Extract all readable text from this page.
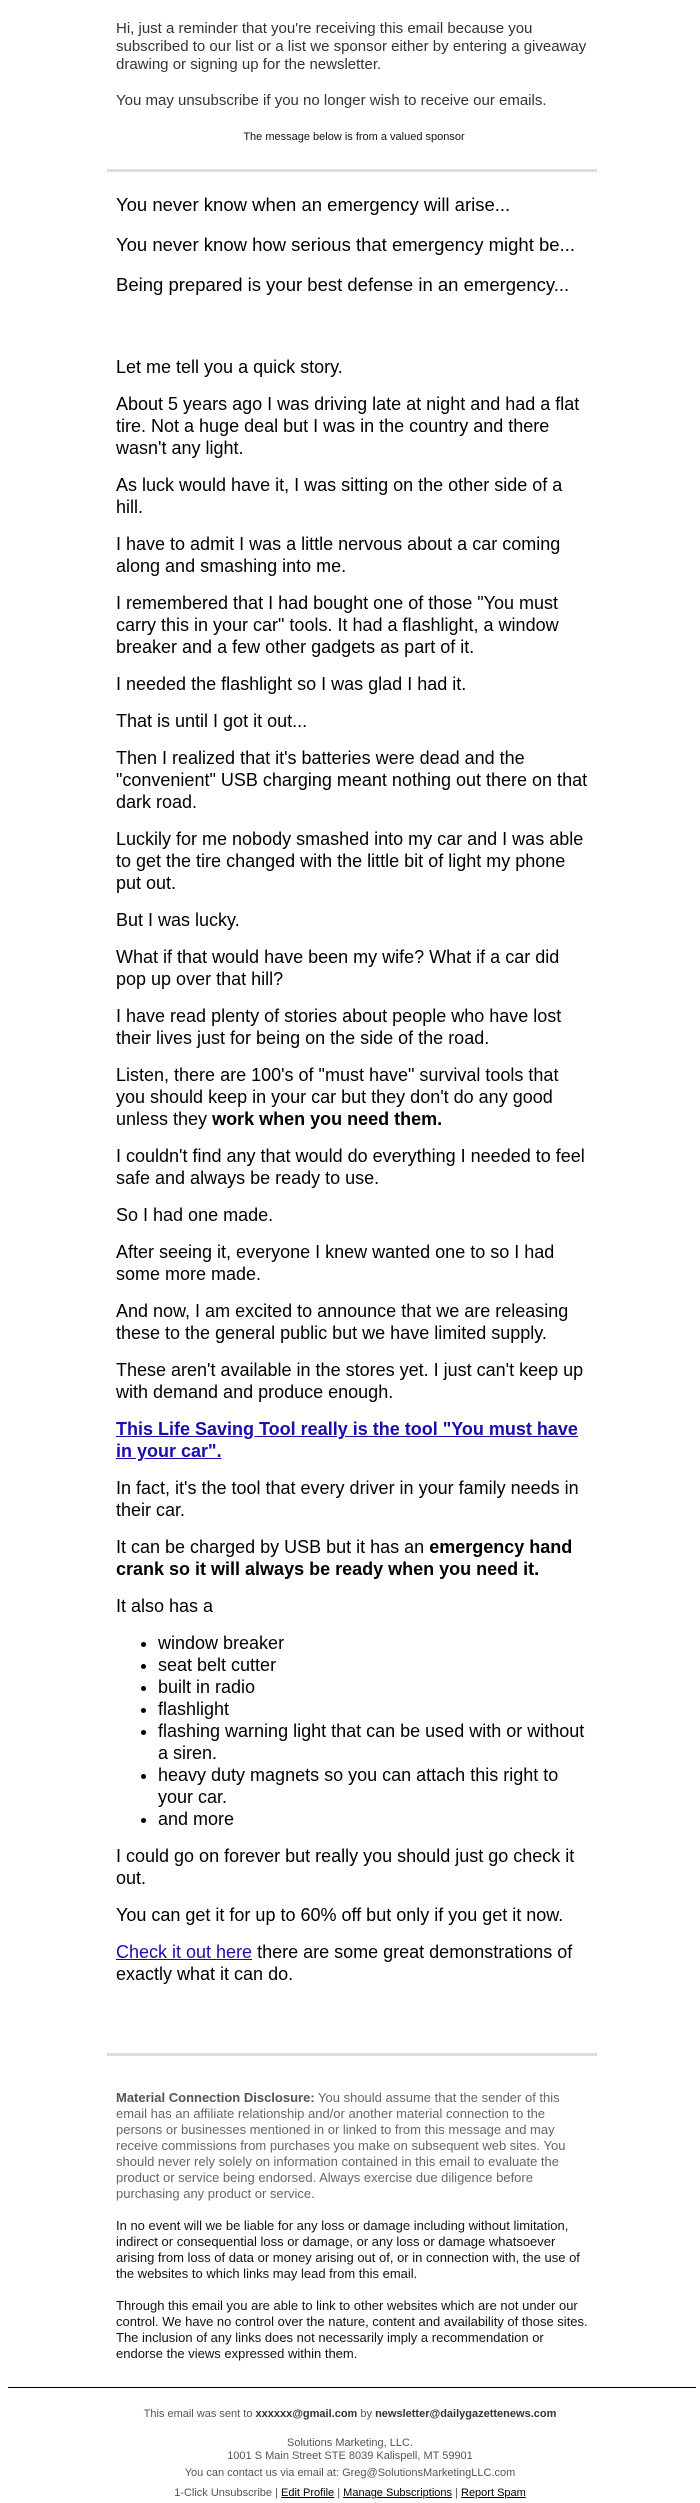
Hi, just a reminder that you're receiving this email because you subscribed to our list or a list we sponsor either by entering a giveaway drawing or signing up for the newsletter.

You may unsubscribe if you no longer wish to receive our emails.

The message below is from a valued sponsor

You never know when an emergency will arise...

You never know how serious that emergency might be...

Being prepared is your best defense in an emergency...

Let me tell you a quick story.

About 5 years ago I was driving late at night and had a flat tire. Not a huge deal but I was in the country and there wasn't any light.

As luck would have it, I was sitting on the other side of a hill.

I have to admit I was a little nervous about a car coming along and smashing into me.

I remembered that I had bought one of those "You must carry this in your car" tools. It had a flashlight, a window breaker and a few other gadgets as part of it.

I needed the flashlight so I was glad I had it.

That is until I got it out...

Then I realized that it's batteries were dead and the "convenient" USB charging meant nothing out there on that dark road.

Luckily for me nobody smashed into my car and I was able to get the tire changed with the little bit of light my phone put out.

But I was lucky.

What if that would have been my wife? What if a car did pop up over that hill?

I have read plenty of stories about people who have lost their lives just for being on the side of the road.

Listen, there are 100's of "must have" survival tools that you should keep in your car but they don't do any good unless they work when you need them.

I couldn't find any that would do everything I needed to feel safe and always be ready to use.

So I had one made.

After seeing it, everyone I knew wanted one to so I had some more made.

And now, I am excited to announce that we are releasing these to the general public but we have limited supply.

These aren't available in the stores yet. I just can't keep up with demand and produce enough.

This Life Saving Tool really is the tool "You must have in your car".

In fact, it's the tool that every driver in your family needs in their car.

It can be charged by USB but it has an emergency hand crank so it will always be ready when you need it.

It also has a

• window breaker
• seat belt cutter
• built in radio
• flashlight
• flashing warning light that can be used with or without a siren.
• heavy duty magnets so you can attach this right to your car.
• and more

I could go on forever but really you should just go check it out.

You can get it for up to 60% off but only if you get it now.

Check it out here there are some great demonstrations of exactly what it can do.

Material Connection Disclosure: You should assume that the sender of this email has an affiliate relationship and/or another material connection to the persons or businesses mentioned in or linked to from this message and may receive commissions from purchases you make on subsequent web sites. You should never rely solely on information contained in this email to evaluate the product or service being endorsed. Always exercise due diligence before purchasing any product or service.

In no event will we be liable for any loss or damage including without limitation, indirect or consequential loss or damage, or any loss or damage whatsoever arising from loss of data or money arising out of, or in connection with, the use of the websites to which links may lead from this email.

Through this email you are able to link to other websites which are not under our control. We have no control over the nature, content and availability of those sites. The inclusion of any links does not necessarily imply a recommendation or endorse the views expressed within them.

This email was sent to xxxxxx@gmail.com by newsletter@dailygazettenews.com
Solutions Marketing, LLC.
1001 S Main Street STE 8039 Kalispell, MT 59901
You can contact us via email at: Greg@SolutionsMarketingLLC.com
1-Click Unsubscribe | Edit Profile | Manage Subscriptions | Report Spam
